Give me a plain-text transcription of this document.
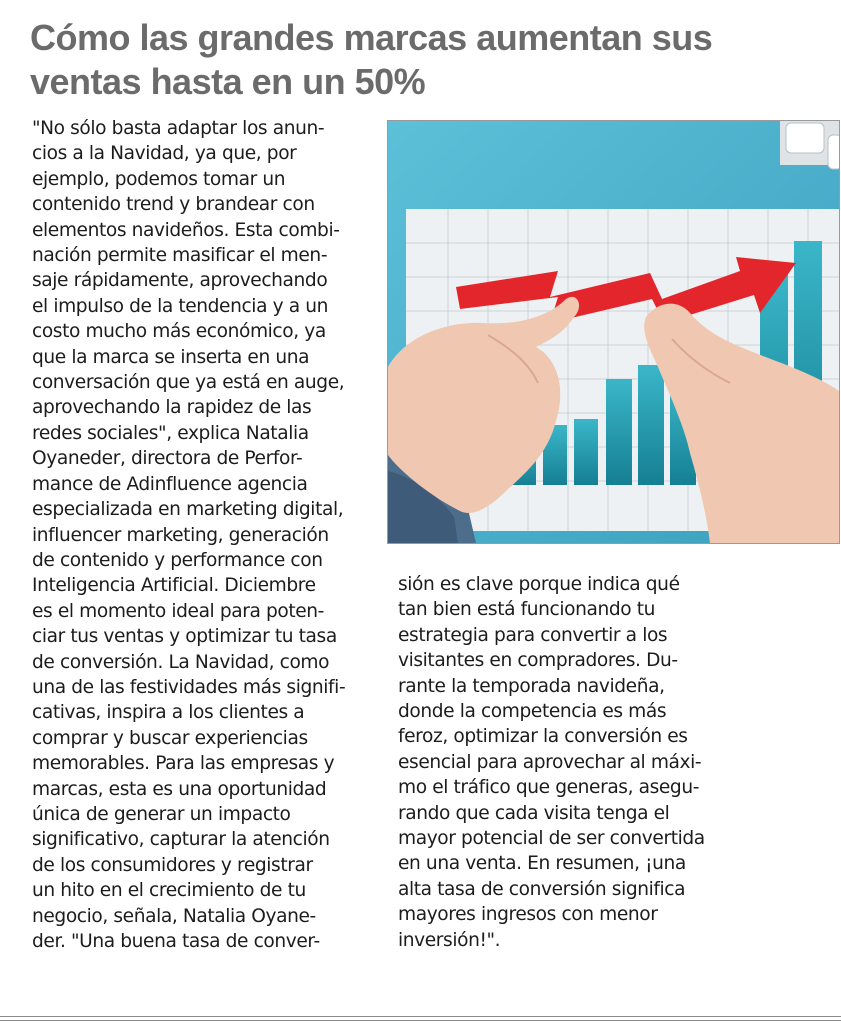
Cómo las grandes marcas aumentan sus
ventas hasta en un 50%
"No sólo basta adaptar los anun-
cios a la Navidad, ya que, por
ejemplo, podemos tomar un
contenido trend y brandear con
elementos navideños. Esta combi-
nación permite masificar el men-
saje rápidamente, aprovechando
el impulso de la tendencia y a un
costo mucho más económico, ya
que la marca se inserta en una
conversación que ya está en auge,
aprovechando la rapidez de las
redes sociales", explica Natalia
Oyaneder, directora de Perfor-
mance de Adinfluence agencia
especializada en marketing digital,
influencer marketing, generación
de contenido y performance con
Inteligencia Artificial. Diciembre
es el momento ideal para poten-
ciar tus ventas y optimizar tu tasa
de conversión. La Navidad, como
una de las festividades más signifi-
cativas, inspira a los clientes a
comprar y buscar experiencias
memorables. Para las empresas y
marcas, esta es una oportunidad
única de generar un impacto
significativo, capturar la atención
de los consumidores y registrar
un hito en el crecimiento de tu
negocio, señala, Natalia Oyane-
der. "Una buena tasa de conver-
sión es clave porque indica qué
tan bien está funcionando tu
estrategia para convertir a los
visitantes en compradores. Du-
rante la temporada navideña,
donde la competencia es más
feroz, optimizar la conversión es
esencial para aprovechar al máxi-
mo el tráfico que generas, asegu-
rando que cada visita tenga el
mayor potencial de ser convertida
en una venta. En resumen, ¡una
alta tasa de conversión significa
mayores ingresos con menor
inversión!".
